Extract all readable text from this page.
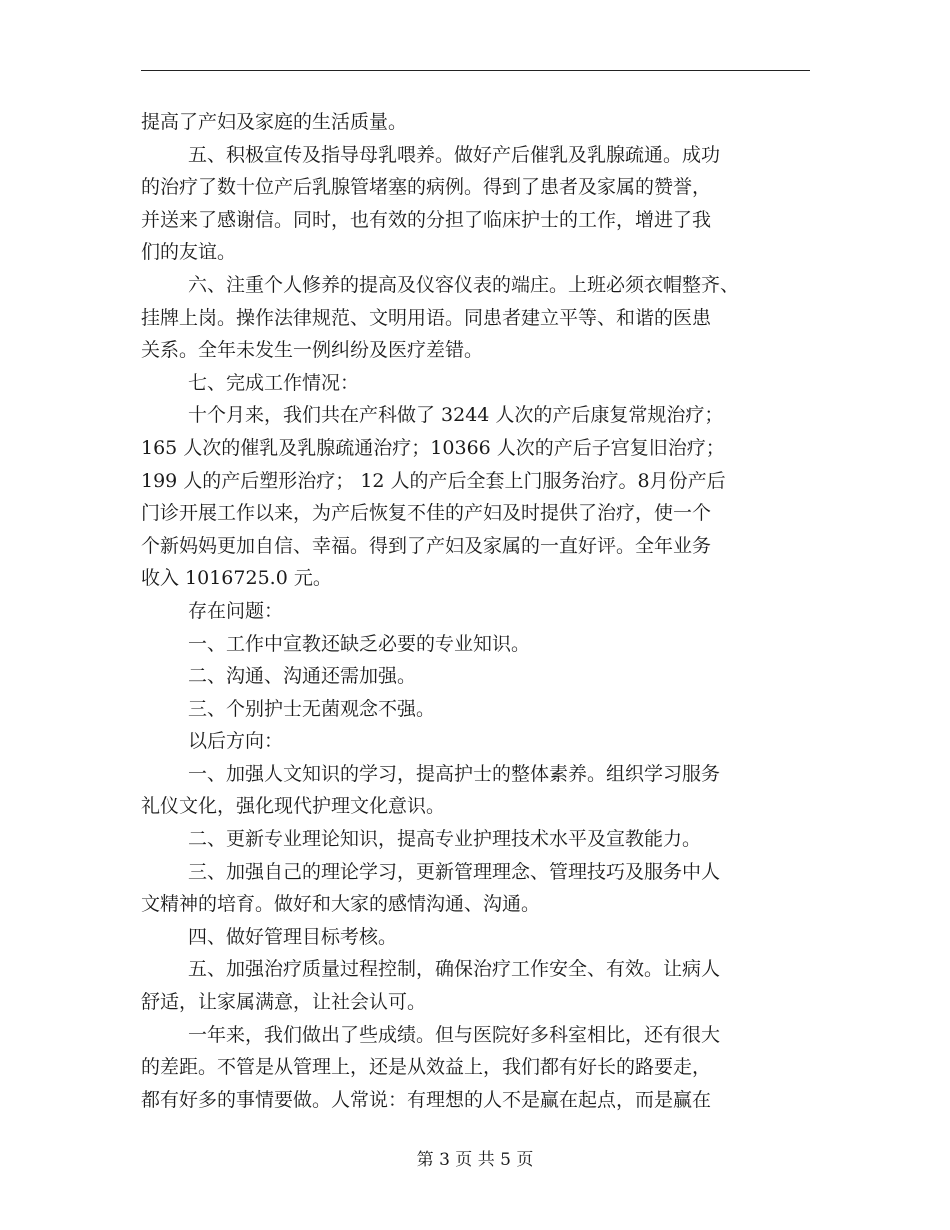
提高了产妇及家庭的生活质量。
五、积极宣传及指导母乳喂养。做好产后催乳及乳腺疏通。成功
的治疗了数十位产后乳腺管堵塞的病例。得到了患者及家属的赞誉，
并送来了感谢信。同时，也有效的分担了临床护士的工作，增进了我
们的友谊。
六、注重个人修养的提高及仪容仪表的端庄。上班必须衣帽整齐、
挂牌上岗。操作法律规范、文明用语。同患者建立平等、和谐的医患
关系。全年未发生一例纠纷及医疗差错。
七、完成工作情况：
十个月来，我们共在产科做了 3244 人次的产后康复常规治疗；
165 人次的催乳及乳腺疏通治疗；10366 人次的产后子宫复旧治疗；
199 人的产后塑形治疗； 12 人的产后全套上门服务治疗。8月份产后
门诊开展工作以来，为产后恢复不佳的产妇及时提供了治疗，使一个
个新妈妈更加自信、幸福。得到了产妇及家属的一直好评。全年业务
收入 1016725.0 元。
存在问题：
一、工作中宣教还缺乏必要的专业知识。
二、沟通、沟通还需加强。
三、个别护士无菌观念不强。
以后方向：
一、加强人文知识的学习，提高护士的整体素养。组织学习服务
礼仪文化，强化现代护理文化意识。
二、更新专业理论知识，提高专业护理技术水平及宣教能力。
三、加强自己的理论学习，更新管理理念、管理技巧及服务中人
文精神的培育。做好和大家的感情沟通、沟通。
四、做好管理目标考核。
五、加强治疗质量过程控制，确保治疗工作安全、有效。让病人
舒适，让家属满意，让社会认可。
一年来，我们做出了些成绩。但与医院好多科室相比，还有很大
的差距。不管是从管理上，还是从效益上，我们都有好长的路要走，
都有好多的事情要做。人常说：有理想的人不是赢在起点，而是赢在
第 3 页 共 5 页
